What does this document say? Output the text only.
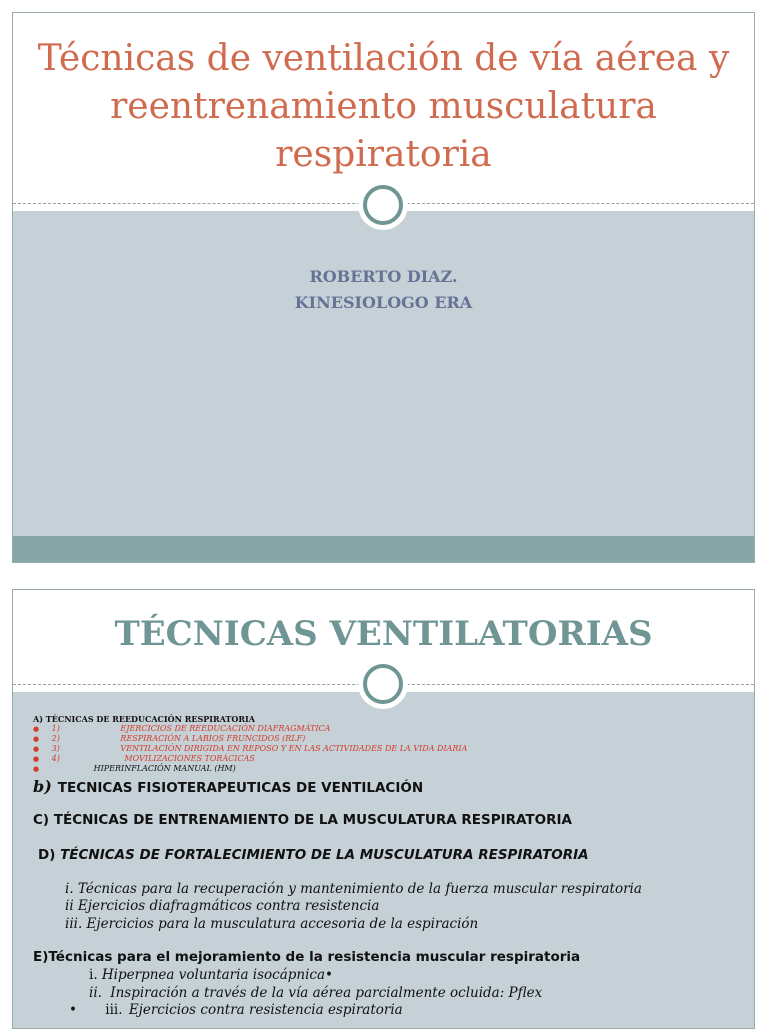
Técnicas de ventilación de vía aérea y reentrenamiento musculatura respiratoria
ROBERTO DIAZ.
KINESIOLOGO ERA
TÉCNICAS VENTILATORIAS
A) TÉCNICAS DE REEDUCACIÓN RESPIRATORIA
● 1)	EJERCICIOS DE REEDUCACIÓN DIAFRAGMÁTICA
● 2)	RESPIRACIÓN A LABIOS FRUNCIDOS (RLF)
● 3)	VENTILACIÓN DIRIGIDA EN REPOSO Y EN LAS ACTIVIDADES DE LA VIDA DIARIA
● 4)	MOVILIZACIONES TORÁCICAS
●	HIPERINFLACIÓN MANUAL (HM)
b) TECNICAS FISIOTERAPEUTICAS DE VENTILACIÓN
C) TÉCNICAS DE ENTRENAMIENTO DE LA MUSCULATURA RESPIRATORIA
D) TÉCNICAS DE FORTALECIMIENTO DE LA MUSCULATURA RESPIRATORIA
i. Técnicas para la recuperación y mantenimiento de la fuerza muscular respiratoria
ii Ejercicios diafragmáticos contra resistencia
iii. Ejercicios para la musculatura accesoria de la espiración
E)Técnicas para el mejoramiento de la resistencia muscular respiratoria
i. Hiperpnea voluntaria isocápnica•
ii. Inspiración a través de la vía aérea parcialmente ocluida: Pflex
• iii. Ejercicios contra resistencia espiratoria
